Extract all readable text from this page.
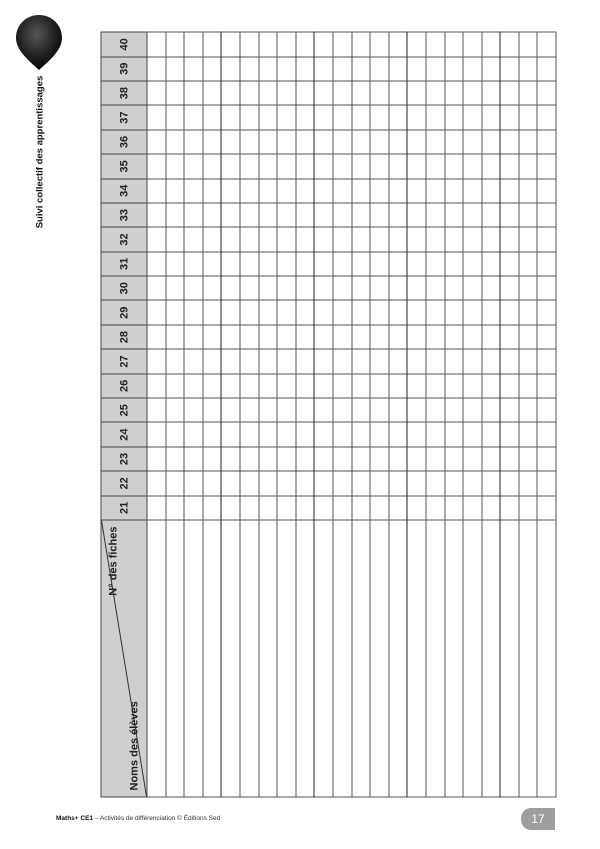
Suivi collectif des apprentissages
N° des fiches
Noms des élèves	21	22	23	24	25	26	27	28	29	30	31	32	33	34	35	36	37	38	39	40

Maths+ CE1 – Activités de différenciation © Éditions Sed	17
